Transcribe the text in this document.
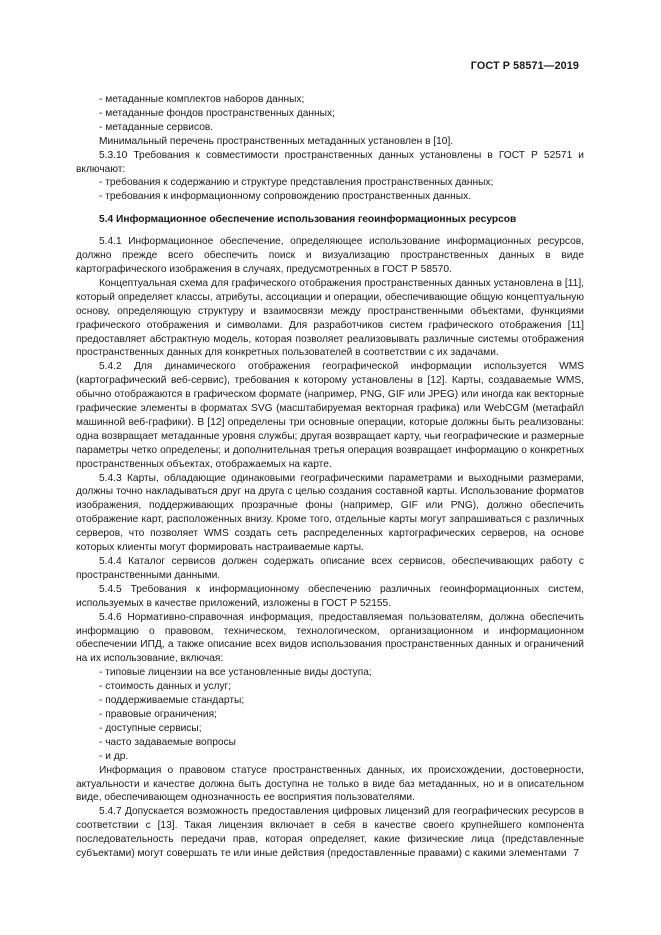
ГОСТ Р 58571—2019

- метаданные комплектов наборов данных;

- метаданные фондов пространственных данных;

- метаданные сервисов.

Минимальный перечень пространственных метаданных установлен в [10].

5.3.10 Требования к совместимости пространственных данных установлены в ГОСТ Р 52571 и включают:

- требования к содержанию и структуре представления пространственных данных;

- требования к информационному сопровождению пространственных данных.

5.4 Информационное обеспечение использования геоинформационных ресурсов

5.4.1 Информационное обеспечение, определяющее использование информационных ресурсов, должно прежде всего обеспечить поиск и визуализацию пространственных данных в виде картографического изображения в случаях, предусмотренных в ГОСТ Р 58570.

Концептуальная схема для графического отображения пространственных данных установлена в [11], который определяет классы, атрибуты, ассоциации и операции, обеспечивающие общую концептуальную основу, определяющую структуру и взаимосвязи между пространственными объектами, функциями графического отображения и символами. Для разработчиков систем графического отображения [11] предоставляет абстрактную модель, которая позволяет реализовывать различные системы отображения пространственных данных для конкретных пользователей в соответствии с их задачами.

5.4.2 Для динамического отображения географической информации используется WMS (картографический веб-сервис), требования к которому установлены в [12]. Карты, создаваемые WMS, обычно отображаются в графическом формате (например, PNG, GIF или JPEG) или иногда как векторные графические элементы в форматах SVG (масштабируемая векторная графика) или WebCGM (метафайл машинной веб-графики). В [12] определены три основные операции, которые должны быть реализованы: одна возвращает метаданные уровня службы; другая возвращает карту, чьи географические и размерные параметры четко определены; и дополнительная третья операция возвращает информацию о конкретных пространственных объектах, отображаемых на карте.

5.4.3 Карты, обладающие одинаковыми географическими параметрами и выходными размерами, должны точно накладываться друг на друга с целью создания составной карты. Использование форматов изображения, поддерживающих прозрачные фоны (например, GIF или PNG), должно обеспечить отображение карт, расположенных внизу. Кроме того, отдельные карты могут запрашиваться с различных серверов, что позволяет WMS создать сеть распределенных картографических серверов, на основе которых клиенты могут формировать настраиваемые карты.

5.4.4 Каталог сервисов должен содержать описание всех сервисов, обеспечивающих работу с пространственными данными.

5.4.5 Требования к информационному обеспечению различных геоинформационных систем, используемых в качестве приложений, изложены в ГОСТ Р 52155.

5.4.6 Нормативно-справочная информация, предоставляемая пользователям, должна обеспечить информацию о правовом, техническом, технологическом, организационном и информационном обеспечении ИПД, а также описание всех видов использования пространственных данных и ограничений на их использование, включая:

- типовые лицензии на все установленные виды доступа;

- стоимость данных и услуг;

- поддерживаемые стандарты;

- правовые ограничения;

- доступные сервисы;

- часто задаваемые вопросы

- и др.

Информация о правовом статусе пространственных данных, их происхождении, достоверности, актуальности и качестве должна быть доступна не только в виде баз метаданных, но и в описательном виде, обеспечивающем однозначность ее восприятия пользователями.

5.4.7 Допускается возможность предоставления цифровых лицензий для географических ресурсов в соответствии с [13]. Такая лицензия включает в себя в качестве своего крупнейшего компонента последовательность передачи прав, которая определяет, какие физические лица (представленные субъектами) могут совершать те или иные действия (предоставленные правами) с какими элементами 7
